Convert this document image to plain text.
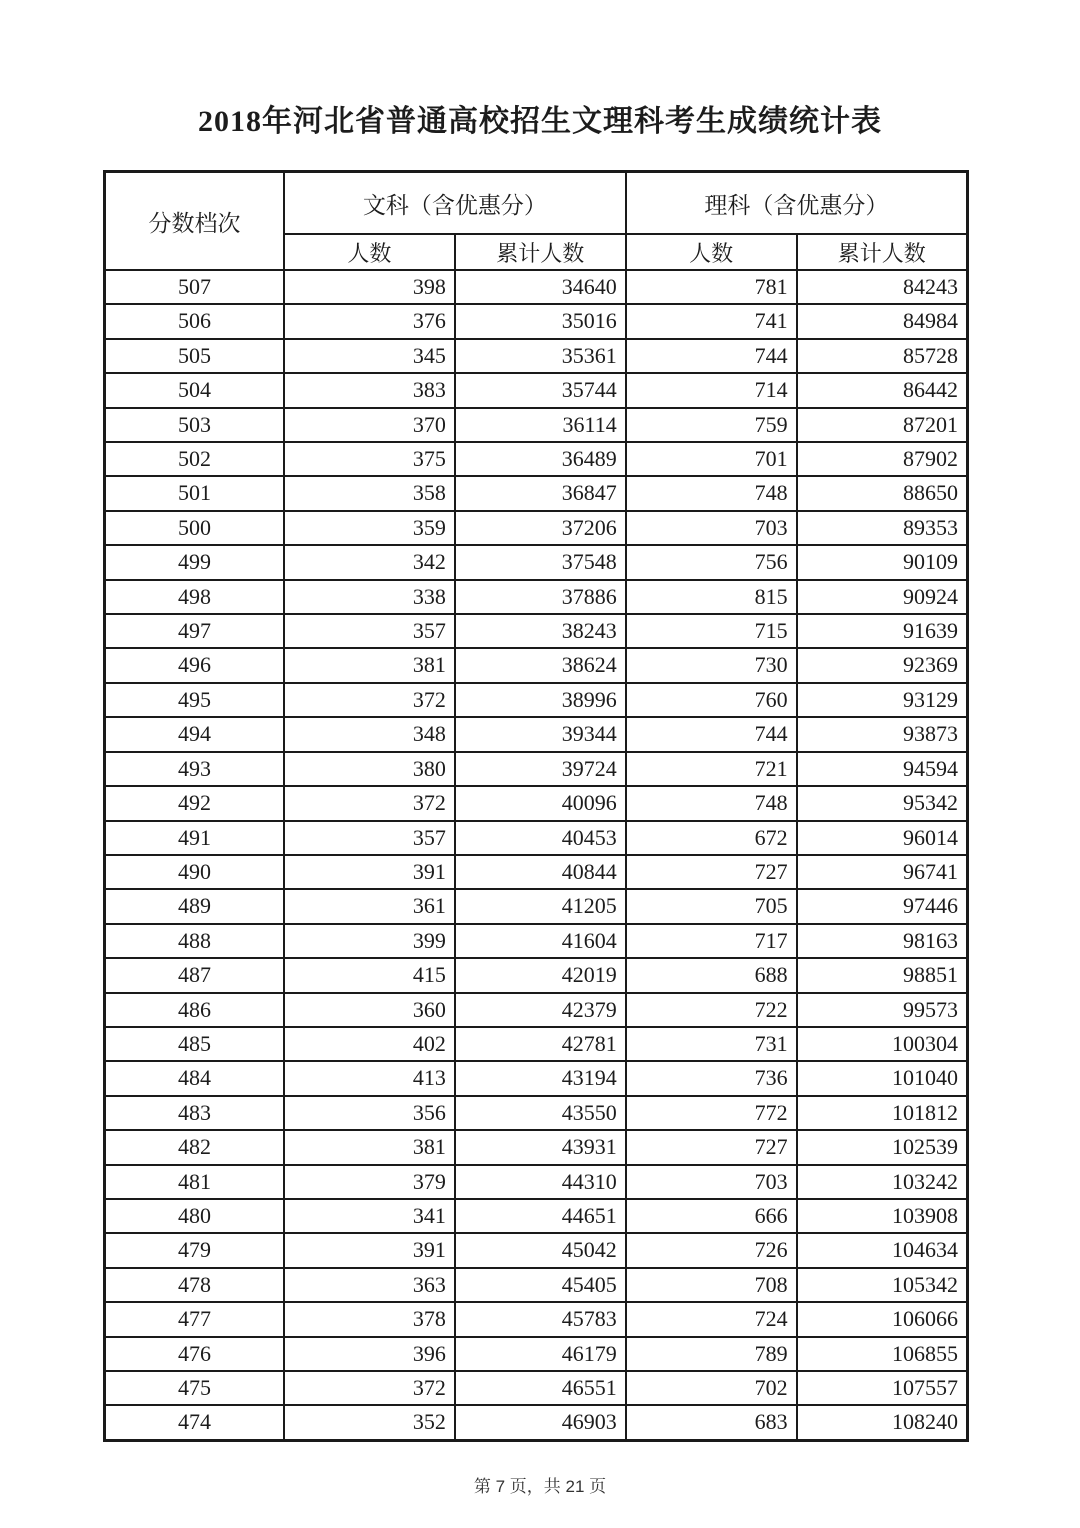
2018年河北省普通高校招生文理科考生成绩统计表
分数档次	文科（含优惠分）		理科（含优惠分）	
	人数	累计人数	人数	累计人数
507	398	34640	781	84243
506	376	35016	741	84984
505	345	35361	744	85728
504	383	35744	714	86442
503	370	36114	759	87201
502	375	36489	701	87902
501	358	36847	748	88650
500	359	37206	703	89353
499	342	37548	756	90109
498	338	37886	815	90924
497	357	38243	715	91639
496	381	38624	730	92369
495	372	38996	760	93129
494	348	39344	744	93873
493	380	39724	721	94594
492	372	40096	748	95342
491	357	40453	672	96014
490	391	40844	727	96741
489	361	41205	705	97446
488	399	41604	717	98163
487	415	42019	688	98851
486	360	42379	722	99573
485	402	42781	731	100304
484	413	43194	736	101040
483	356	43550	772	101812
482	381	43931	727	102539
481	379	44310	703	103242
480	341	44651	666	103908
479	391	45042	726	104634
478	363	45405	708	105342
477	378	45783	724	106066
476	396	46179	789	106855
475	372	46551	702	107557
474	352	46903	683	108240
第 7 页，共 21 页
